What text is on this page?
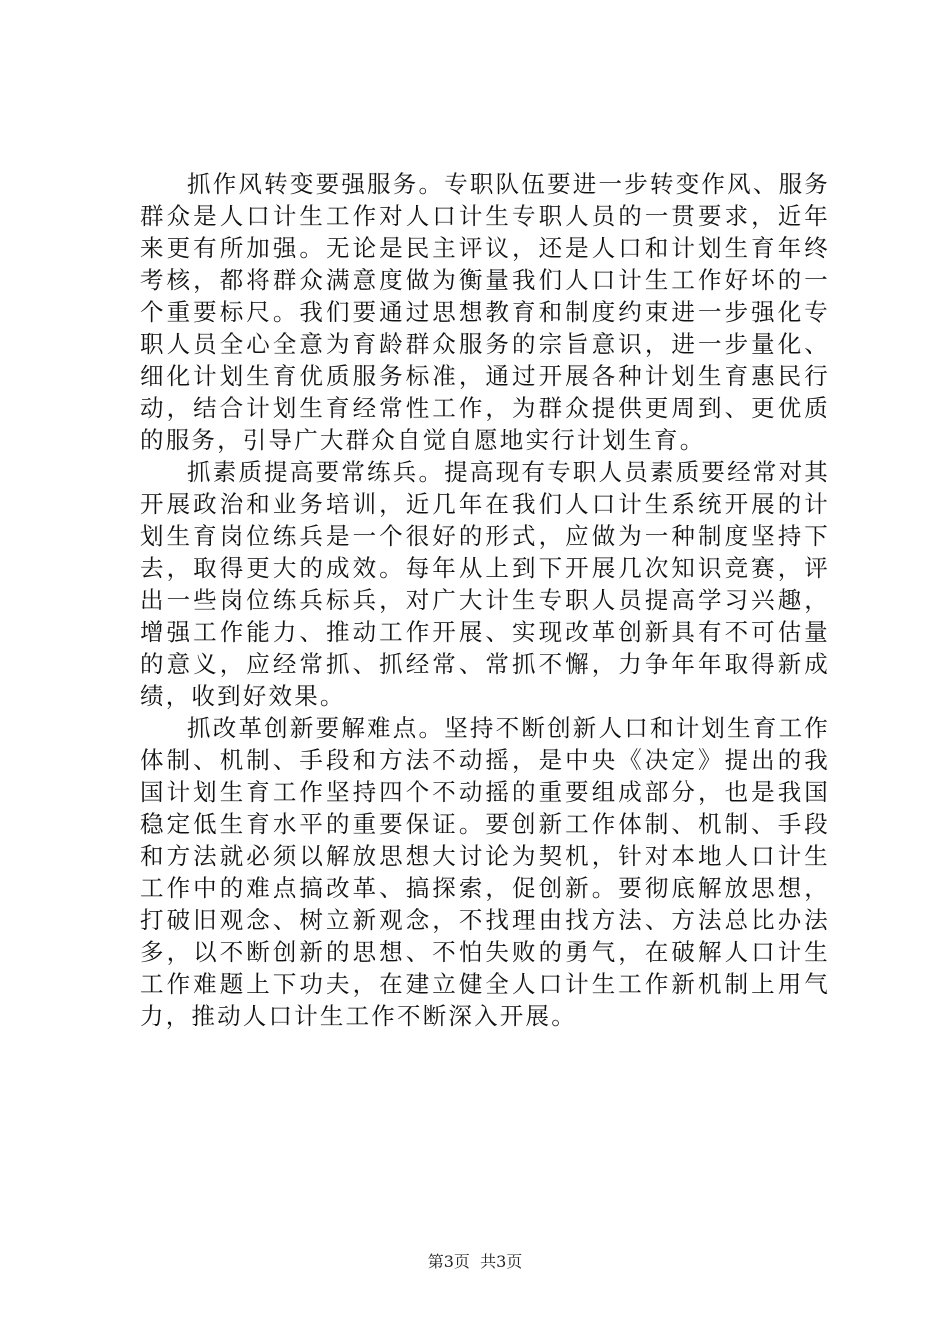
抓作风转变要强服务。专职队伍要进一步转变作风、服务群众是人口计生工作对人口计生专职人员的一贯要求，近年来更有所加强。无论是民主评议，还是人口和计划生育年终考核，都将群众满意度做为衡量我们人口计生工作好坏的一个重要标尺。我们要通过思想教育和制度约束进一步强化专职人员全心全意为育龄群众服务的宗旨意识，进一步量化、细化计划生育优质服务标准，通过开展各种计划生育惠民行动，结合计划生育经常性工作，为群众提供更周到、更优质的服务，引导广大群众自觉自愿地实行计划生育。

抓素质提高要常练兵。提高现有专职人员素质要经常对其开展政治和业务培训，近几年在我们人口计生系统开展的计划生育岗位练兵是一个很好的形式，应做为一种制度坚持下去，取得更大的成效。每年从上到下开展几次知识竞赛，评出一些岗位练兵标兵，对广大计生专职人员提高学习兴趣，增强工作能力、推动工作开展、实现改革创新具有不可估量的意义，应经常抓、抓经常、常抓不懈，力争年年取得新成绩，收到好效果。

抓改革创新要解难点。坚持不断创新人口和计划生育工作体制、机制、手段和方法不动摇，是中央《决定》提出的我国计划生育工作坚持四个不动摇的重要组成部分，也是我国稳定低生育水平的重要保证。要创新工作体制、机制、手段和方法就必须以解放思想大讨论为契机，针对本地人口计生工作中的难点搞改革、搞探索，促创新。要彻底解放思想，打破旧观念、树立新观念，不找理由找方法、方法总比办法多，以不断创新的思想、不怕失败的勇气，在破解人口计生工作难题上下功夫，在建立健全人口计生工作新机制上用气力，推动人口计生工作不断深入开展。

第3页 共3页
